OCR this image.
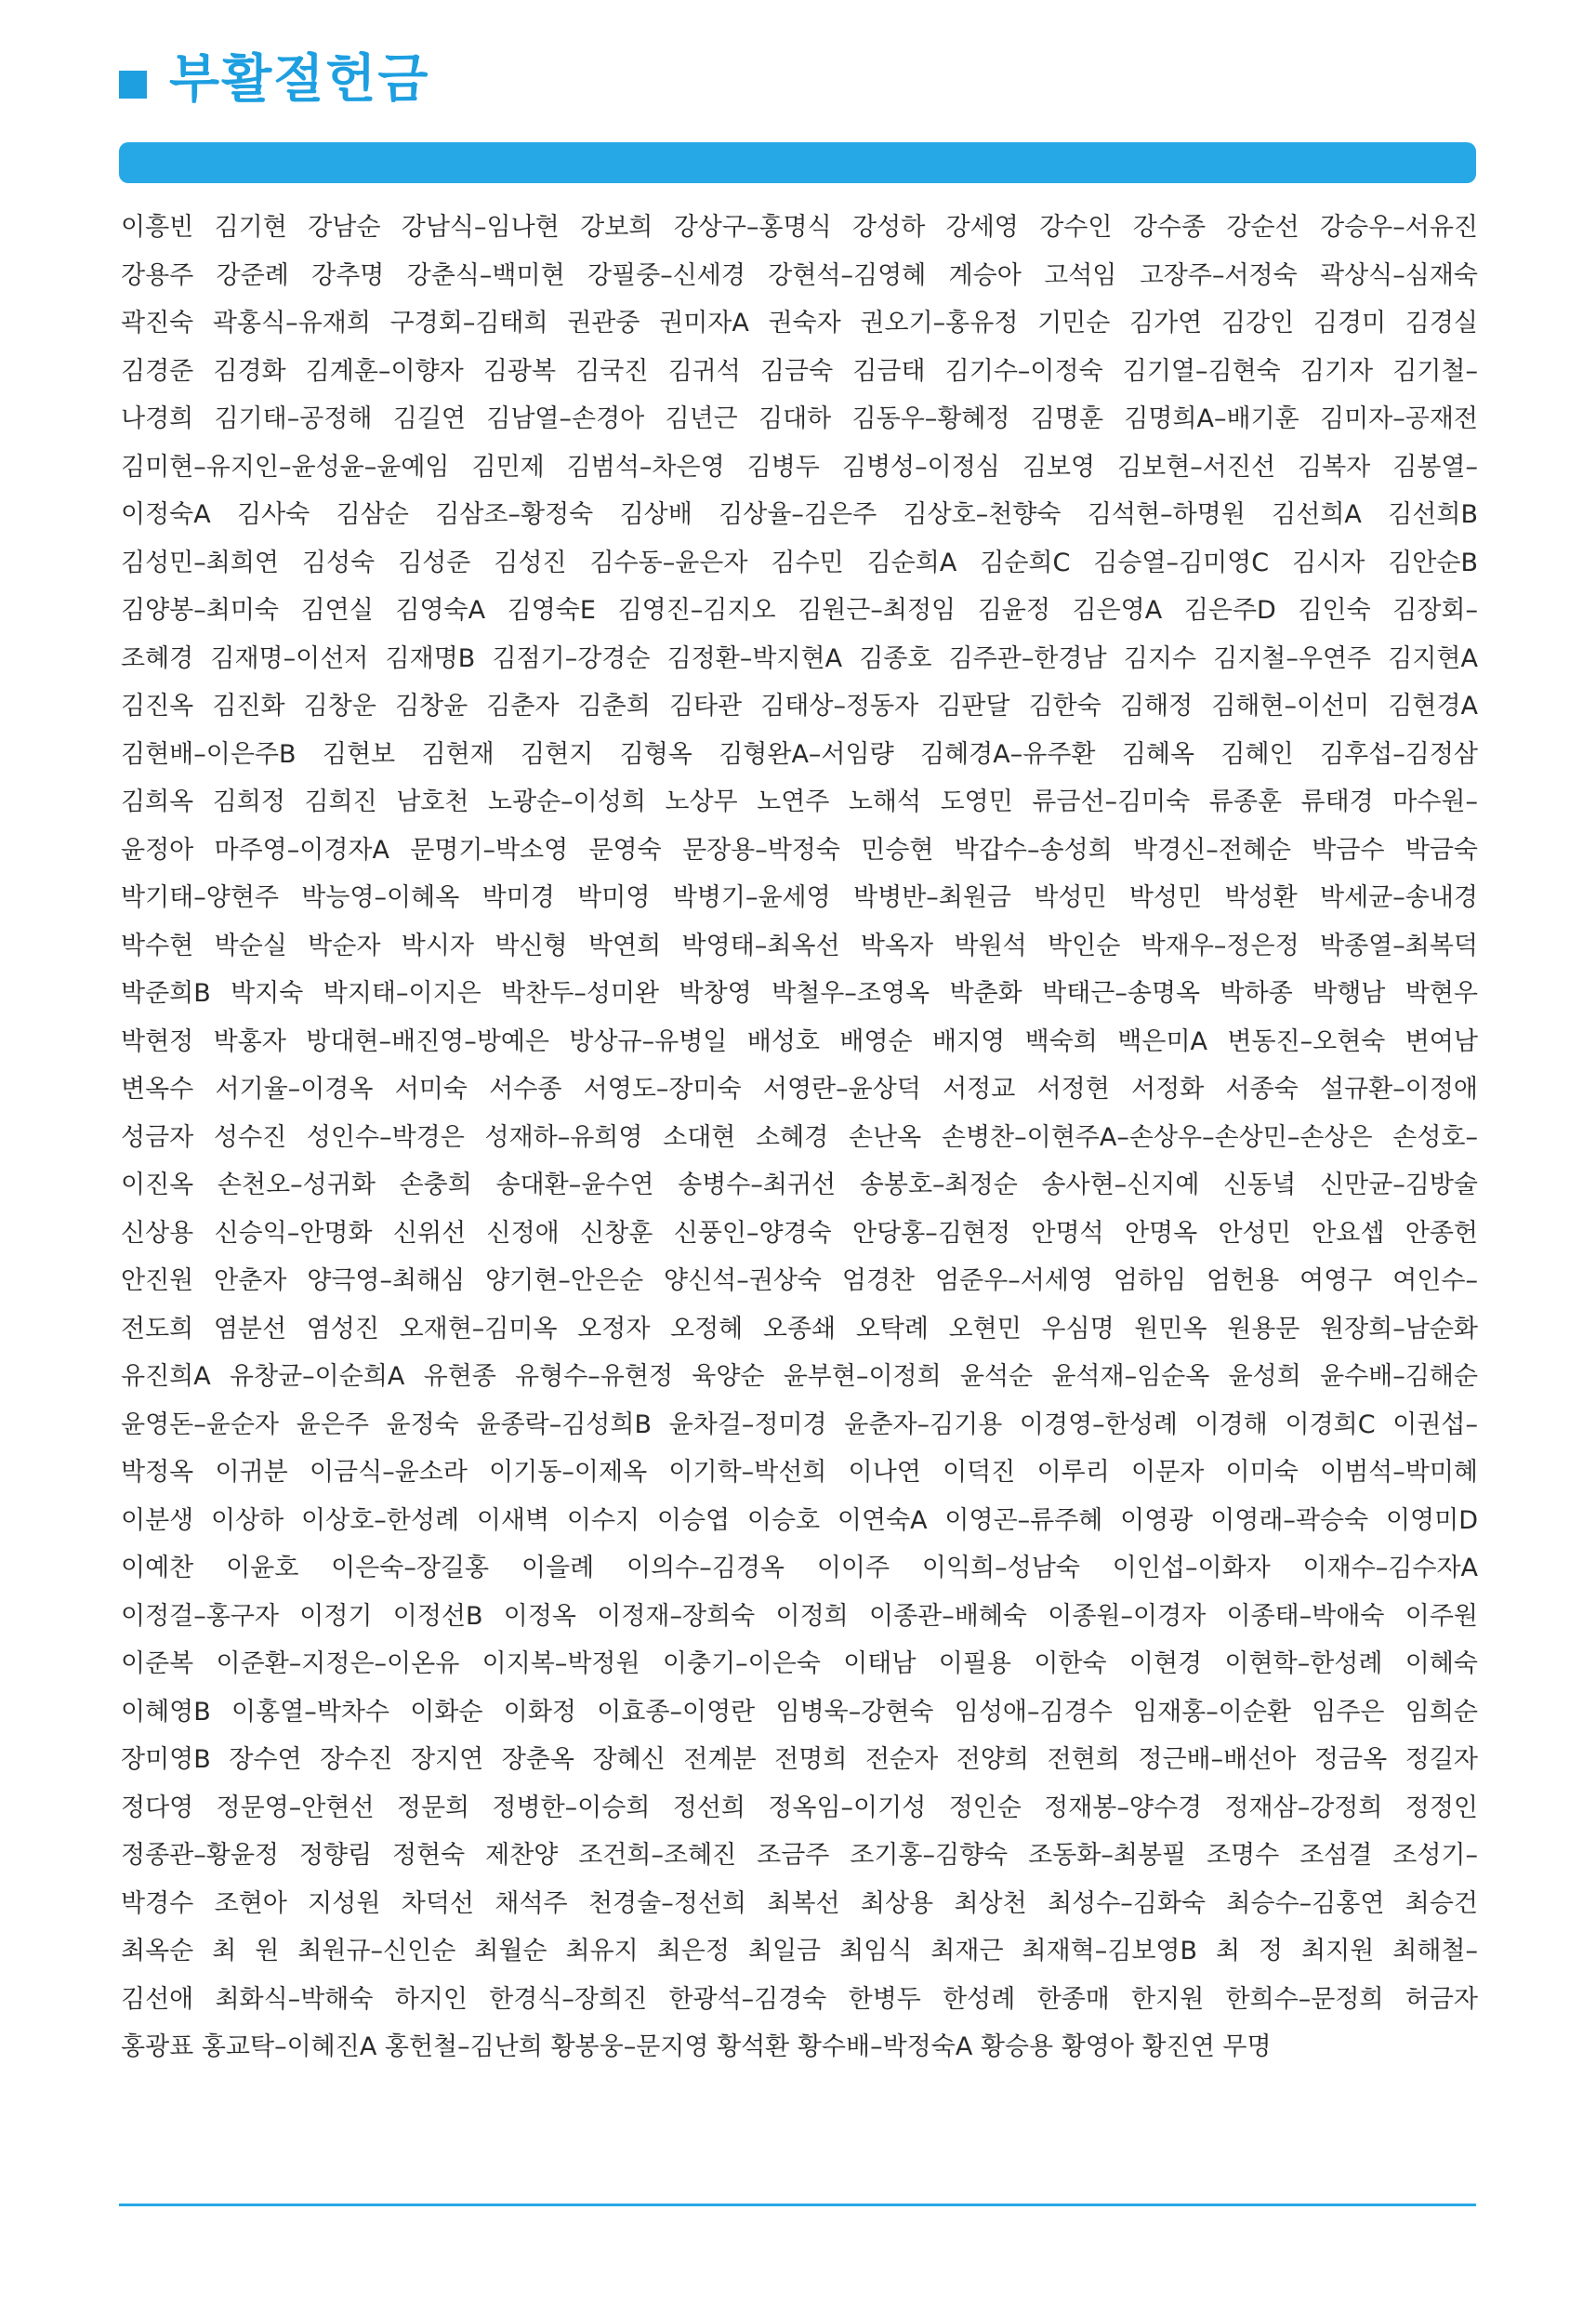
부활절헌금
이흥빈 김기현 강남순 강남식–임나현 강보희 강상구–홍명식 강성하 강세영 강수인 강수종 강순선 강승우–서유진
강용주 강준례 강추명 강춘식–백미현 강필중–신세경 강현석–김영혜 계승아 고석임 고장주–서정숙 곽상식–심재숙
곽진숙 곽홍식–유재희 구경회–김태희 권관중 권미자A 권숙자 권오기–홍유정 기민순 김가연 김강인 김경미 김경실
김경준 김경화 김계훈–이향자 김광복 김국진 김귀석 김금숙 김금태 김기수–이정숙 김기열–김현숙 김기자 김기철–
나경희 김기태–공정해 김길연 김남열–손경아 김년근 김대하 김동우–황혜정 김명훈 김명희A–배기훈 김미자–공재전
김미현–유지인–윤성윤–윤예임 김민제 김범석–차은영 김병두 김병성–이정심 김보영 김보현–서진선 김복자 김봉열–
이정숙A 김사숙 김삼순 김삼조–황정숙 김상배 김상율–김은주 김상호–천향숙 김석현–하명원 김선희A 김선희B
김성민–최희연 김성숙 김성준 김성진 김수동–윤은자 김수민 김순희A 김순희C 김승열–김미영C 김시자 김안순B
김양봉–최미숙 김연실 김영숙A 김영숙E 김영진–김지오 김원근–최정임 김윤정 김은영A 김은주D 김인숙 김장회–
조혜경 김재명–이선저 김재명B 김점기–강경순 김정환–박지현A 김종호 김주관–한경남 김지수 김지철–우연주 김지현A
김진옥 김진화 김창운 김창윤 김춘자 김춘희 김타관 김태상–정동자 김판달 김한숙 김해정 김해현–이선미 김현경A
김현배–이은주B 김현보 김현재 김현지 김형옥 김형완A–서임량 김혜경A–유주환 김혜옥 김혜인 김후섭–김정삼
김희옥 김희정 김희진 남호천 노광순–이성희 노상무 노연주 노해석 도영민 류금선–김미숙 류종훈 류태경 마수원–
윤정아 마주영–이경자A 문명기–박소영 문영숙 문장용–박정숙 민승현 박갑수–송성희 박경신–전혜순 박금수 박금숙
박기태–양현주 박능영–이혜옥 박미경 박미영 박병기–윤세영 박병반–최원금 박성민 박성민 박성환 박세균–송내경
박수현 박순실 박순자 박시자 박신형 박연희 박영태–최옥선 박옥자 박원석 박인순 박재우–정은정 박종열–최복덕
박준희B 박지숙 박지태–이지은 박찬두–성미완 박창영 박철우–조영옥 박춘화 박태근–송명옥 박하종 박행남 박현우
박현정 박홍자 방대현–배진영–방예은 방상규–유병일 배성호 배영순 배지영 백숙희 백은미A 변동진–오현숙 변여남
변옥수 서기율–이경옥 서미숙 서수종 서영도–장미숙 서영란–윤상덕 서정교 서정현 서정화 서종숙 설규환–이정애
성금자 성수진 성인수–박경은 성재하–유희영 소대현 소혜경 손난옥 손병찬–이현주A–손상우–손상민–손상은 손성호–
이진옥 손천오–성귀화 손충희 송대환–윤수연 송병수–최귀선 송봉호–최정순 송사현–신지예 신동녘 신만균–김방술
신상용 신승익–안명화 신위선 신정애 신창훈 신풍인–양경숙 안당홍–김현정 안명석 안명옥 안성민 안요셉 안종헌
안진원 안춘자 양극영–최해심 양기현–안은순 양신석–권상숙 엄경찬 엄준우–서세영 엄하임 엄헌용 여영구 여인수–
전도희 염분선 염성진 오재현–김미옥 오정자 오정혜 오종쇄 오탁례 오현민 우심명 원민옥 원용문 원장희–남순화
유진희A 유창균–이순희A 유현종 유형수–유현정 육양순 윤부현–이정희 윤석순 윤석재–임순옥 윤성희 윤수배–김해순
윤영돈–윤순자 윤은주 윤정숙 윤종락–김성희B 윤차걸–정미경 윤춘자–김기용 이경영–한성례 이경해 이경희C 이권섭–
박정옥 이귀분 이금식–윤소라 이기동–이제옥 이기학–박선희 이나연 이덕진 이루리 이문자 이미숙 이범석–박미혜
이분생 이상하 이상호–한성례 이새벽 이수지 이승엽 이승호 이연숙A 이영곤–류주혜 이영광 이영래–곽승숙 이영미D
이예찬 이윤호 이은숙–장길홍 이을례 이의수–김경옥 이이주 이익희–성남숙 이인섭–이화자 이재수–김수자A
이정걸–홍구자 이정기 이정선B 이정옥 이정재–장희숙 이정희 이종관–배혜숙 이종원–이경자 이종태–박애숙 이주원
이준복 이준환–지정은–이온유 이지복–박정원 이충기–이은숙 이태남 이필용 이한숙 이현경 이현학–한성례 이혜숙
이혜영B 이홍열–박차수 이화순 이화정 이효종–이영란 임병욱–강현숙 임성애–김경수 임재홍–이순환 임주은 임희순
장미영B 장수연 장수진 장지연 장춘옥 장혜신 전계분 전명희 전순자 전양희 전현희 정근배–배선아 정금옥 정길자
정다영 정문영–안현선 정문희 정병한–이승희 정선희 정옥임–이기성 정인순 정재봉–양수경 정재삼–강정희 정정인
정종관–황윤정 정향림 정현숙 제찬양 조건희–조혜진 조금주 조기홍–김향숙 조동화–최봉필 조명수 조섬결 조성기–
박경수 조현아 지성원 차덕선 채석주 천경술–정선희 최복선 최상용 최상천 최성수–김화숙 최승수–김홍연 최승건
최옥순 최 원 최원규–신인순 최월순 최유지 최은정 최일금 최임식 최재근 최재혁–김보영B 최 정 최지원 최해철–
김선애 최화식–박해숙 하지인 한경식–장희진 한광석–김경숙 한병두 한성례 한종매 한지원 한희수–문정희 허금자
홍광표 홍교탁–이혜진A 홍헌철–김난희 황봉웅–문지영 황석환 황수배–박정숙A 황승용 황영아 황진연 무명
